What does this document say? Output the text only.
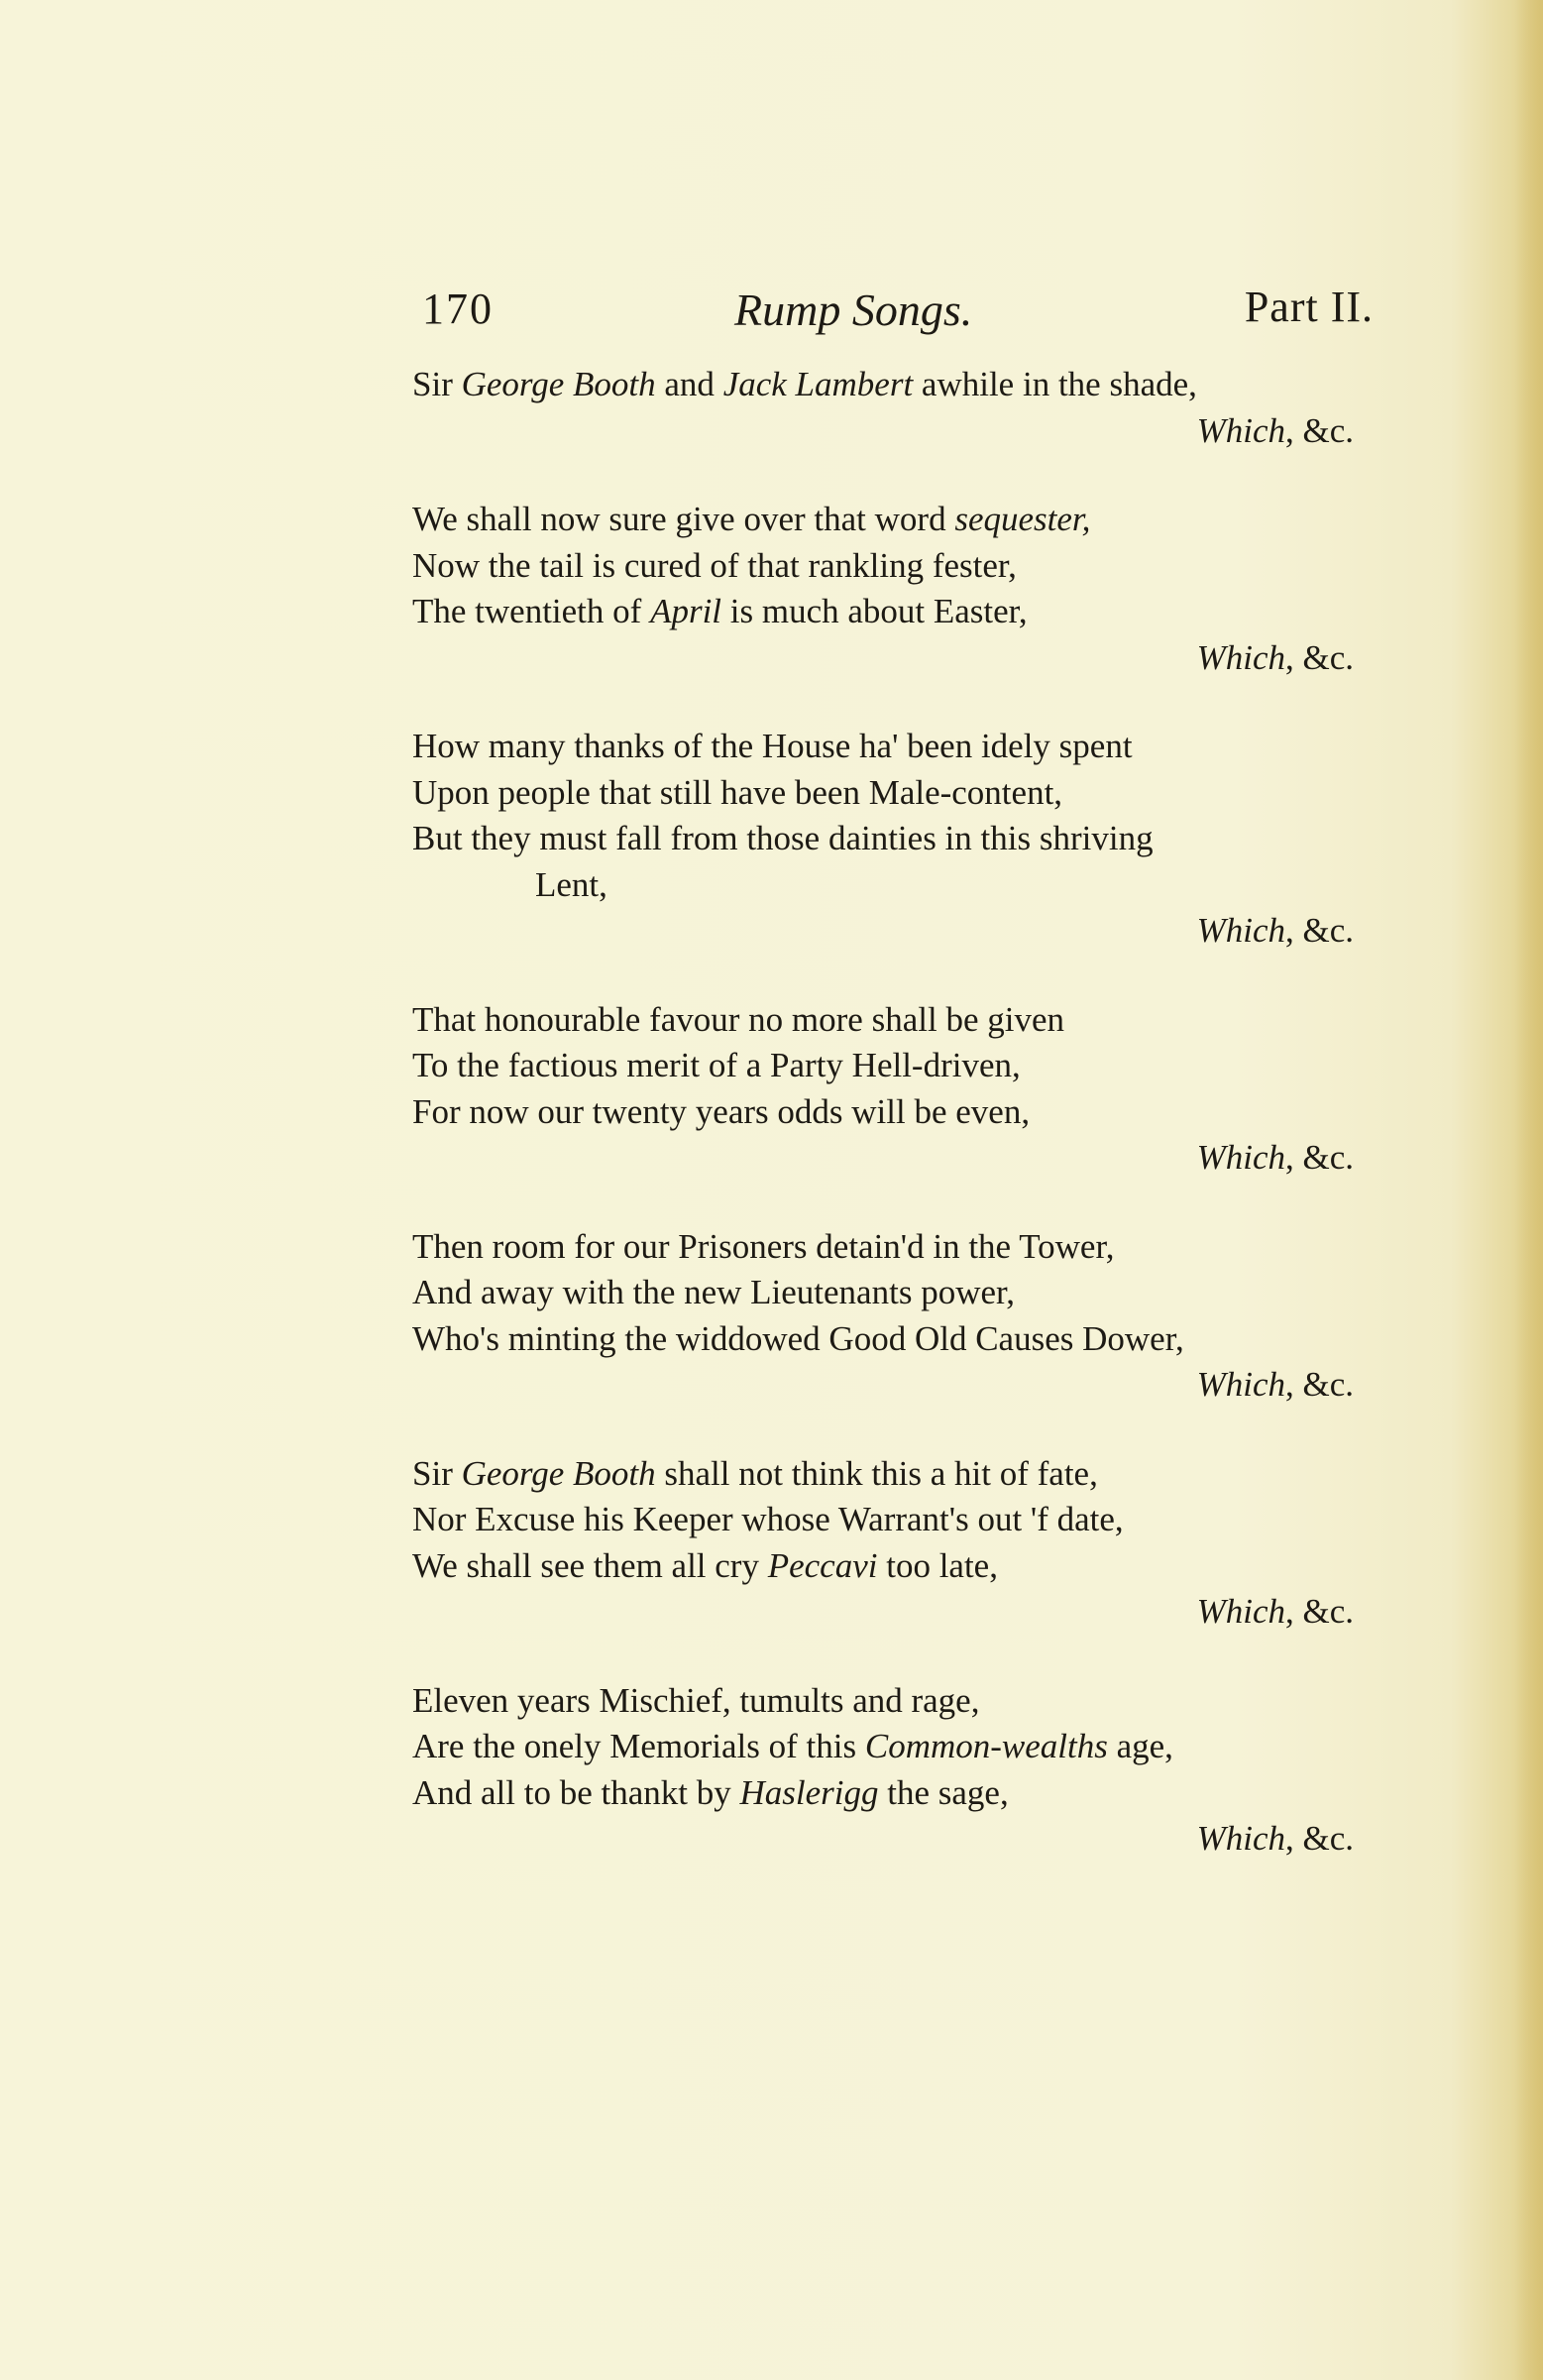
170	Rump Songs.	Part II.
Sir George Booth and Jack Lambert awhile in the shade,
Which, &c.
We shall now sure give over that word sequester,
Now the tail is cured of that rankling fester,
The twentieth of April is much about Easter,
Which, &c.
How many thanks of the House ha' been idely spent
Upon people that still have been Male-content,
But they must fall from those dainties in this shriving
Lent,
Which, &c.
That honourable favour no more shall be given
To the factious merit of a Party Hell-driven,
For now our twenty years odds will be even,
Which, &c.
Then room for our Prisoners detain'd in the Tower,
And away with the new Lieutenants power,
Who's minting the widdowed Good Old Causes Dower,
Which, &c.
Sir George Booth shall not think this a hit of fate,
Nor Excuse his Keeper whose Warrant's out 'f date,
We shall see them all cry Peccavi too late,
Which, &c.
Eleven years Mischief, tumults and rage,
Are the onely Memorials of this Common-wealths age,
And all to be thankt by Haslerigg the sage,
Which, &c.
